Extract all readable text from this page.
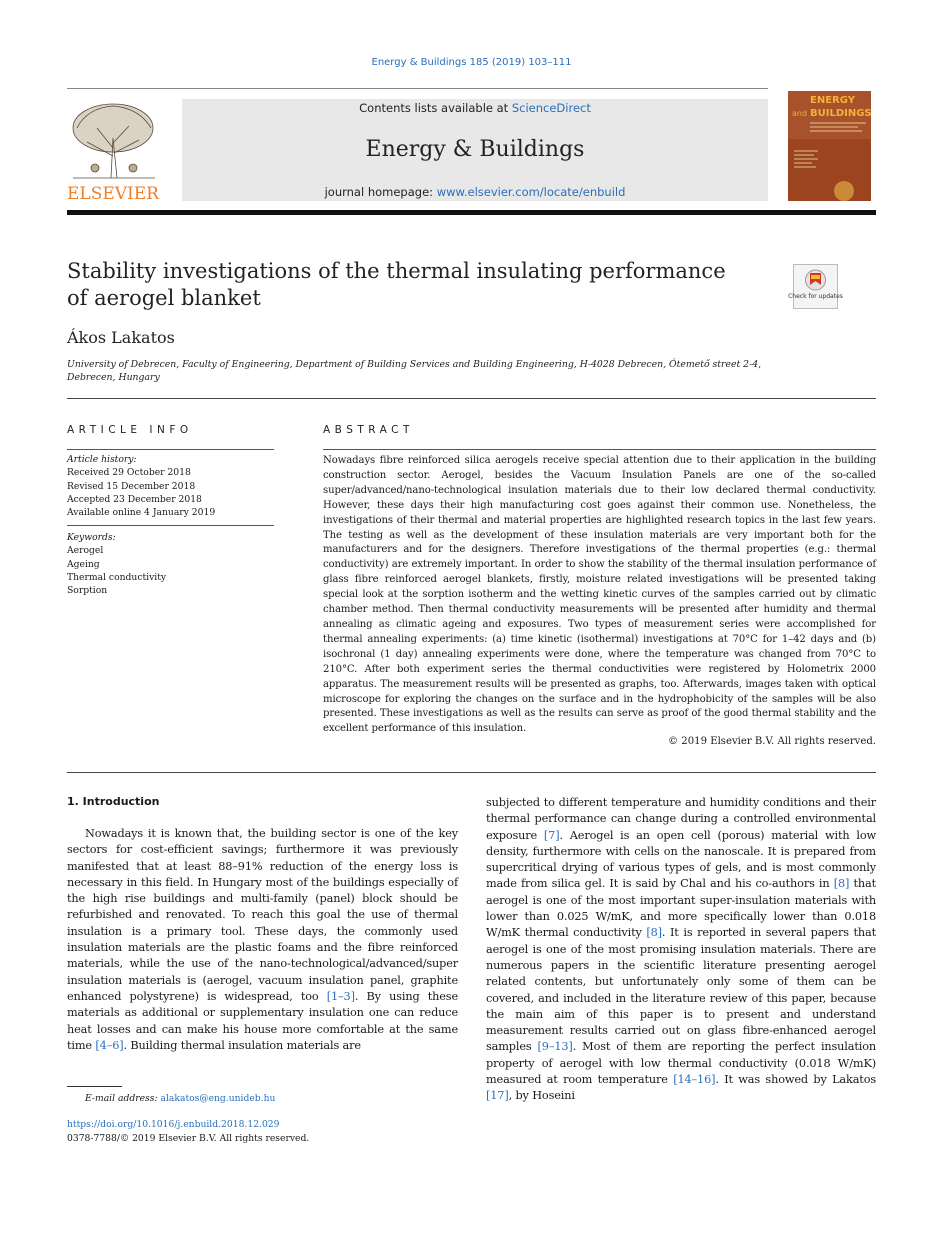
Energy & Buildings 185 (2019) 103–111
ELSEVIER
Contents lists available at ScienceDirect
Energy & Buildings
journal homepage: www.elsevier.com/locate/enbuild
ENERGY
and BUILDINGS
Stability investigations of the thermal insulating performance of aerogel blanket	Check for updates
Ákos Lakatos
University of Debrecen, Faculty of Engineering, Department of Building Services and Building Engineering, H-4028 Debrecen, Ótemető street 2-4, Debrecen, Hungary
ARTICLE INFO	ABSTRACT
Article history:
Received 29 October 2018
Revised 15 December 2018
Accepted 23 December 2018
Available online 4 January 2019
Keywords:
Aerogel
Ageing
Thermal conductivity
Sorption
Nowadays fibre reinforced silica aerogels receive special attention due to their application in the building construction sector. Aerogel, besides the Vacuum Insulation Panels are one of the so-called super/advanced/nano-technological insulation materials due to their low declared thermal conductivity. However, these days their high manufacturing cost goes against their common use. Nonetheless, the investigations of their thermal and material properties are highlighted research topics in the last few years. The testing as well as the development of these insulation materials are very important both for the manufacturers and for the designers. Therefore investigations of the thermal properties (e.g.: thermal conductivity) are extremely important. In order to show the stability of the thermal insulation performance of glass fibre reinforced aerogel blankets, firstly, moisture related investigations will be presented taking special look at the sorption isotherm and the wetting kinetic curves of the samples carried out by climatic chamber method. Then thermal conductivity measurements will be presented after humidity and thermal annealing as climatic ageing and exposures. Two types of measurement series were accomplished for thermal annealing experiments: (a) time kinetic (isothermal) investigations at 70°C for 1–42 days and (b) isochronal (1 day) annealing experiments were done, where the temperature was changed from 70°C to 210°C. After both experiment series the thermal conductivities were registered by Holometrix 2000 apparatus. The measurement results will be presented as graphs, too. Afterwards, images taken with optical microscope for exploring the changes on the surface and in the hydrophobicity of the samples will be also presented. These investigations as well as the results can serve as proof of the good thermal stability and the excellent performance of this insulation.
© 2019 Elsevier B.V. All rights reserved.
1. Introduction

Nowadays it is known that, the building sector is one of the key sectors for cost-efficient savings; furthermore it was previously manifested that at least 88–91% reduction of the energy loss is necessary in this field. In Hungary most of the buildings especially of the high rise buildings and multi-family (panel) block should be refurbished and renovated. To reach this goal the use of thermal insulation is a primary tool. These days, the commonly used insulation materials are the plastic foams and the fibre reinforced materials, while the use of the nano-technological/advanced/super insulation materials is (aerogel, vacuum insulation panel, graphite enhanced polystyrene) is widespread, too [1–3]. By using these materials as additional or supplementary insulation one can reduce heat losses and can make his house more comfortable at the same time [4–6]. Building thermal insulation materials are

subjected to different temperature and humidity conditions and their thermal performance can change during a controlled environmental exposure [7]. Aerogel is an open cell (porous) material with low density, furthermore with cells on the nanoscale. It is prepared from supercritical drying of various types of gels, and is most commonly made from silica gel. It is said by Chal and his co-authors in [8] that aerogel is one of the most important super-insulation materials with lower than 0.025 W/mK, and more specifically lower than 0.018 W/mK thermal conductivity [8]. It is reported in several papers that aerogel is one of the most promising insulation materials. There are numerous papers in the scientific literature presenting aerogel related contents, but unfortunately only some of them can be covered, and included in the literature review of this paper, because the main aim of this paper is to present and understand measurement results carried out on glass fibre-enhanced aerogel samples [9–13]. Most of them are reporting the perfect insulation property of aerogel with low thermal conductivity (0.018 W/mK) measured at room temperature [14–16]. It was showed by Lakatos [17], by Hoseini

E-mail address: alakatos@eng.unideb.hu
https://doi.org/10.1016/j.enbuild.2018.12.029
0378-7788/© 2019 Elsevier B.V. All rights reserved.
